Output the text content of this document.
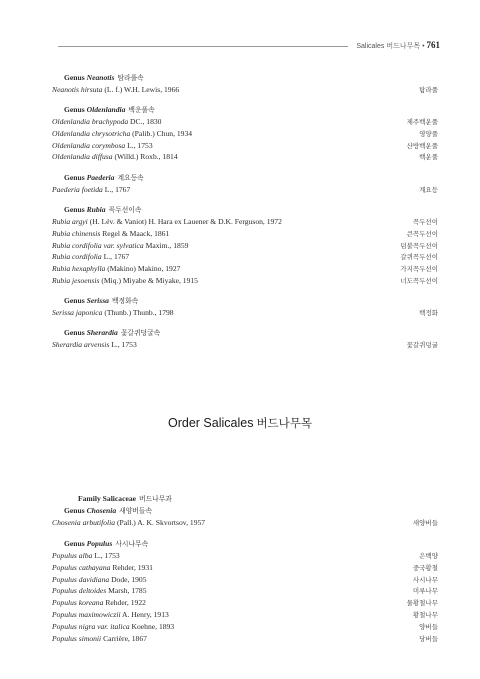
Salicales 버드나무목 • 761
Genus Neanotis 탐라풀속
Neanotis hirsuta (L. f.) W.H. Lewis, 1966	탐라풀
Genus Oldenlandia 백운풀속
Oldenlandia brachypoda DC., 1830	제주백운풀
Oldenlandia chrysotricha (Palib.) Chun, 1934	영양풀
Oldenlandia corymbosa L., 1753	산방백운풀
Oldenlandia diffusa (Willd.) Roxb., 1814	백운풀
Genus Paederia 계요등속
Paederia foetida L., 1767	계요등
Genus Rubia 꼭두선이속
Rubia argyi (H. Lév. & Vaniot) H. Hara ex Lauener & D.K. Ferguson, 1972	꼭두선이
Rubia chinensis Regel & Maack, 1861	큰꼭두선이
Rubia cordifolia var. sylvatica Maxim., 1859	덤불꼭두선이
Rubia cordifolia L., 1767	갈퀴꼭두선이
Rubia hexaphylla (Makino) Makino, 1927	가지꼭두선이
Rubia jesoensis (Miq.) Miyabe & Miyake, 1915	너도꼭두선이
Genus Serissa 백정화속
Serissa japonica (Thunb.) Thunb., 1798	백정화
Genus Sherardia 꽃갈퀴덩굴속
Sherardia arvensis L., 1753	꽃갈퀴덩굴
Order Salicales 버드나무목
Family Salicaceae 버드나무과
Genus Chosenia 새양버들속
Chosenia arbutifolia (Pall.) A. K. Skvortsov, 1957	새양버들
Genus Populus 사시나무속
Populus alba L., 1753	은백양
Populus cathayana Rehder, 1931	중국황철
Populus davidiana Dode, 1905	사시나무
Populus deltoides Marsh, 1785	미루나무
Populus koreana Rehder, 1922	물황철나무
Populus maximowiczii A. Henry, 1913	황철나무
Populus nigra var. italica Koehne, 1893	양버들
Populus simonii Carrière, 1867	당버들
